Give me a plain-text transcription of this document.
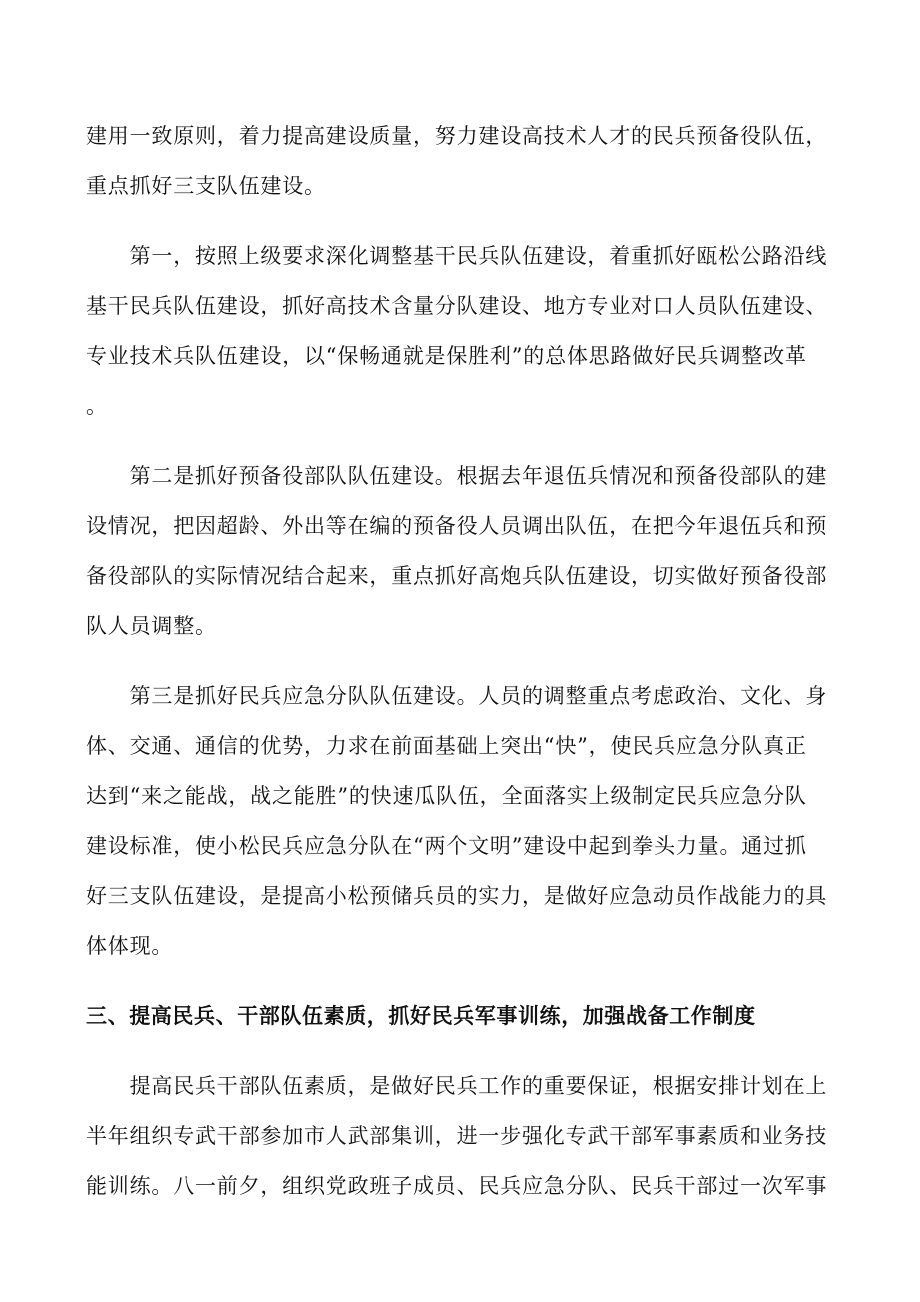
建用一致原则，着力提高建设质量，努力建设高技术人才的民兵预备役队伍，
重点抓好三支队伍建设。
　　第一，按照上级要求深化调整基干民兵队伍建设，着重抓好瓯松公路沿线
基干民兵队伍建设，抓好高技术含量分队建设、地方专业对口人员队伍建设、
专业技术兵队伍建设，以“保畅通就是保胜利”的总体思路做好民兵调整改革
。
　　第二是抓好预备役部队队伍建设。根据去年退伍兵情况和预备役部队的建
设情况，把因超龄、外出等在编的预备役人员调出队伍，在把今年退伍兵和预
备役部队的实际情况结合起来，重点抓好高炮兵队伍建设，切实做好预备役部
队人员调整。
　　第三是抓好民兵应急分队队伍建设。人员的调整重点考虑政治、文化、身
体、交通、通信的优势，力求在前面基础上突出“快”，使民兵应急分队真正
达到“来之能战，战之能胜”的快速瓜队伍，全面落实上级制定民兵应急分队
建设标准，使小松民兵应急分队在“两个文明”建设中起到拳头力量。通过抓
好三支队伍建设，是提高小松预储兵员的实力，是做好应急动员作战能力的具
体体现。
三、提高民兵、干部队伍素质，抓好民兵军事训练，加强战备工作制度
　　提高民兵干部队伍素质，是做好民兵工作的重要保证，根据安排计划在上
半年组织专武干部参加市人武部集训，进一步强化专武干部军事素质和业务技
能训练。八一前夕，组织党政班子成员、民兵应急分队、民兵干部过一次军事
